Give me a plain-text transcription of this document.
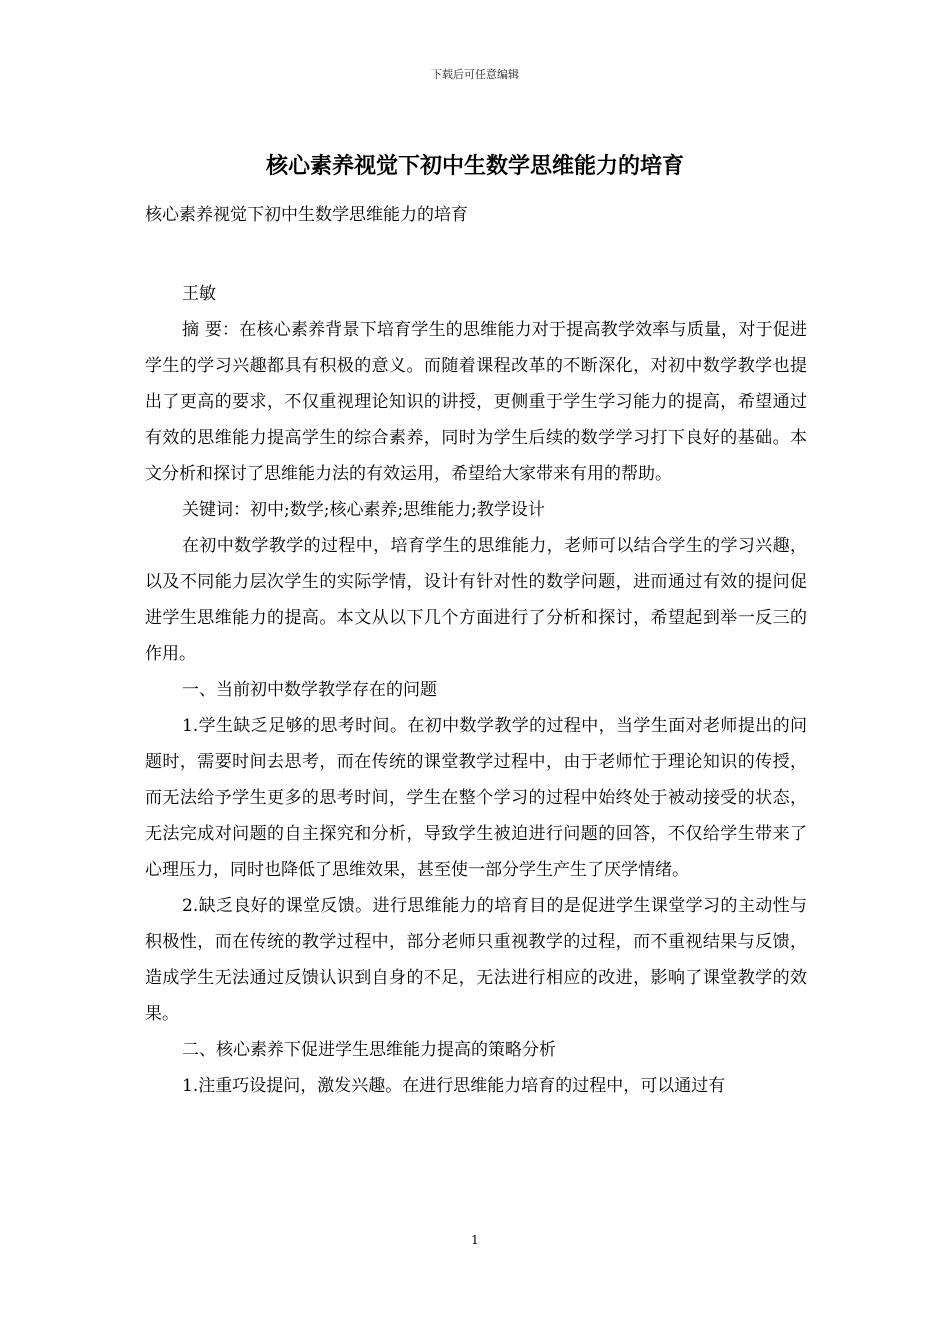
下载后可任意编辑
核心素养视觉下初中生数学思维能力的培育

核心素养视觉下初中生数学思维能力的培育

王敏

摘 要：在核心素养背景下培育学生的思维能力对于提高教学效率与质量，对于促进学生的学习兴趣都具有积极的意义。而随着课程改革的不断深化，对初中数学教学也提出了更高的要求，不仅重视理论知识的讲授，更侧重于学生学习能力的提高，希望通过有效的思维能力提高学生的综合素养，同时为学生后续的数学学习打下良好的基础。本文分析和探讨了思维能力法的有效运用，希望给大家带来有用的帮助。

关键词：初中;数学;核心素养;思维能力;教学设计

在初中数学教学的过程中，培育学生的思维能力，老师可以结合学生的学习兴趣，以及不同能力层次学生的实际学情，设计有针对性的数学问题，进而通过有效的提问促进学生思维能力的提高。本文从以下几个方面进行了分析和探讨，希望起到举一反三的作用。

一、当前初中数学教学存在的问题

1.学生缺乏足够的思考时间。在初中数学教学的过程中，当学生面对老师提出的问题时，需要时间去思考，而在传统的课堂教学过程中，由于老师忙于理论知识的传授，而无法给予学生更多的思考时间，学生在整个学习的过程中始终处于被动接受的状态，无法完成对问题的自主探究和分析，导致学生被迫进行问题的回答，不仅给学生带来了心理压力，同时也降低了思维效果，甚至使一部分学生产生了厌学情绪。

2.缺乏良好的课堂反馈。进行思维能力的培育目的是促进学生课堂学习的主动性与积极性，而在传统的教学过程中，部分老师只重视教学的过程，而不重视结果与反馈，造成学生无法通过反馈认识到自身的不足，无法进行相应的改进，影响了课堂教学的效果。

二、核心素养下促进学生思维能力提高的策略分析

1.注重巧设提问，激发兴趣。在进行思维能力培育的过程中，可以通过有

1
